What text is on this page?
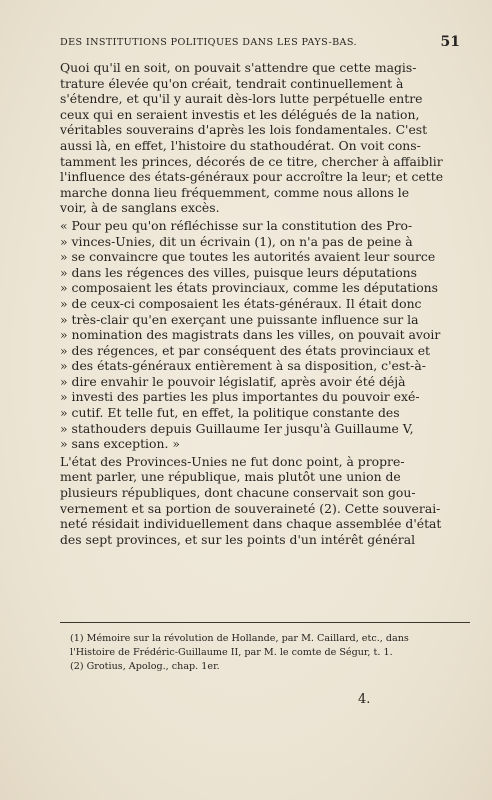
DES INSTITUTIONS POLITIQUES DANS LES PAYS-BAS.	51
Quoi qu'il en soit, on pouvait s'attendre que cette magis-
trature élevée qu'on créait, tendrait continuellement à
s'étendre, et qu'il y aurait dès-lors lutte perpétuelle entre
ceux qui en seraient investis et les délégués de la nation,
véritables souverains d'après les lois fondamentales. C'est
aussi là, en effet, l'histoire du stathoudérat. On voit cons-
tamment les princes, décorés de ce titre, chercher à affaiblir
l'influence des états-généraux pour accroître la leur; et cette
marche donna lieu fréquemment, comme nous allons le
voir, à de sanglans excès.
« Pour peu qu'on réfléchisse sur la constitution des Pro-
» vinces-Unies, dit un écrivain (1), on n'a pas de peine à
» se convaincre que toutes les autorités avaient leur source
» dans les régences des villes, puisque leurs députations
» composaient les états provinciaux, comme les députations
» de ceux-ci composaient les états-généraux. Il était donc
» très-clair qu'en exerçant une puissante influence sur la
» nomination des magistrats dans les villes, on pouvait avoir
» des régences, et par conséquent des états provinciaux et
» des états-généraux entièrement à sa disposition, c'est-à-
» dire envahir le pouvoir législatif, après avoir été déjà
» investi des parties les plus importantes du pouvoir exé-
» cutif. Et telle fut, en effet, la politique constante des
» stathouders depuis Guillaume Ier jusqu'à Guillaume V,
» sans exception. »
L'état des Provinces-Unies ne fut donc point, à propre-
ment parler, une république, mais plutôt une union de
plusieurs républiques, dont chacune conservait son gou-
vernement et sa portion de souveraineté (2). Cette souverai-
neté résidait individuellement dans chaque assemblée d'état
des sept provinces, et sur les points d'un intérêt général
(1) Mémoire sur la révolution de Hollande, par M. Caillard, etc., dans
l'Histoire de Frédéric-Guillaume II, par M. le comte de Ségur, t. 1.
(2) Grotius, Apolog., chap. 1er.
4.
